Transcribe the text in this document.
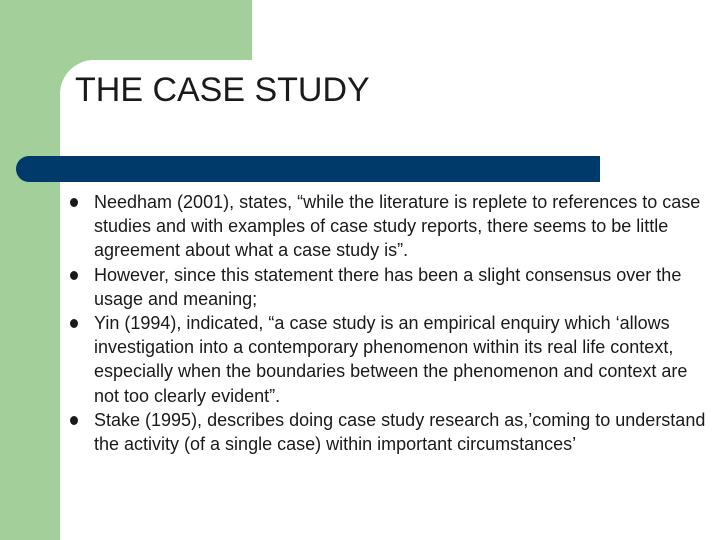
THE CASE STUDY
Needham (2001), states, “while the literature is replete to references to case studies and with examples of case study reports, there seems to be little agreement about what a case study is”.
However, since this statement there has been a slight consensus over the usage and meaning;
Yin (1994), indicated, “a case study is an empirical enquiry which ‘allows investigation into a contemporary phenomenon within its real life context, especially when the boundaries between the phenomenon and context are not too clearly evident”.
Stake (1995), describes doing case study research as,’coming to understand the activity (of a single case) within important circumstances’
